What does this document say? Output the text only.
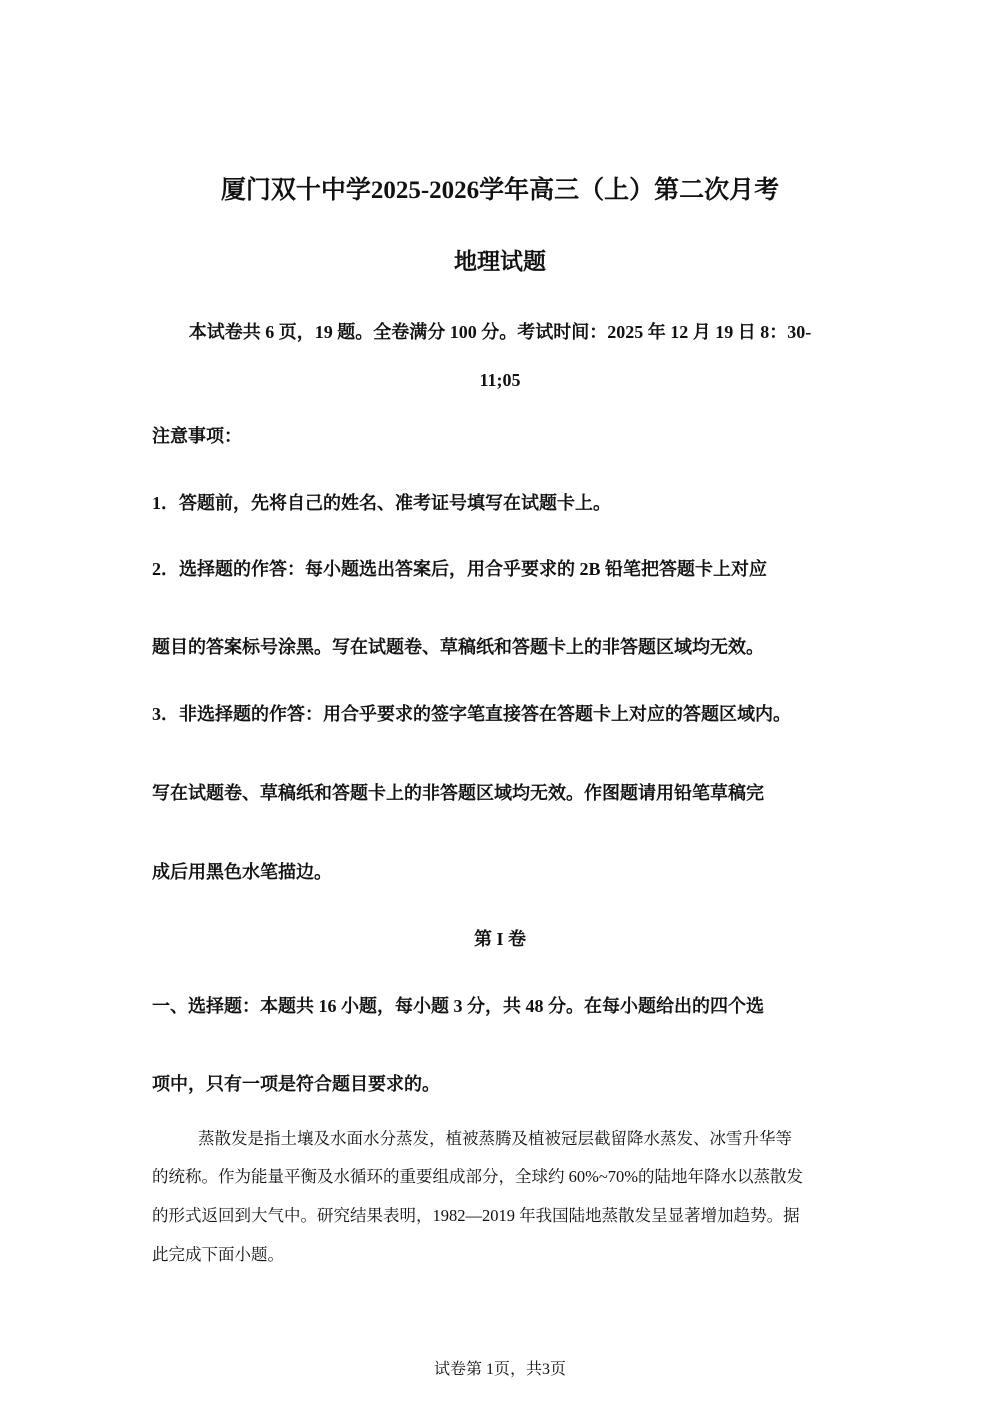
厦门双十中学2025-2026学年高三（上）第二次月考
地理试题
本试卷共 6 页，19 题。全卷满分 100 分。考试时间：2025 年 12 月 19 日 8：30-
11;05
注意事项：
1．答题前，先将自己的姓名、准考证号填写在试题卡上。
2．选择题的作答：每小题选出答案后，用合乎要求的 2B 铅笔把答题卡上对应
题目的答案标号涂黑。写在试题卷、草稿纸和答题卡上的非答题区域均无效。
3．非选择题的作答：用合乎要求的签字笔直接答在答题卡上对应的答题区域内。
写在试题卷、草稿纸和答题卡上的非答题区域均无效。作图题请用铅笔草稿完
成后用黑色水笔描边。
第 I 卷
一、选择题：本题共 16 小题，每小题 3 分，共 48 分。在每小题给出的四个选
项中，只有一项是符合题目要求的。
蒸散发是指土壤及水面水分蒸发，植被蒸腾及植被冠层截留降水蒸发、冰雪升华等
的统称。作为能量平衡及水循环的重要组成部分，全球约 60%~70%的陆地年降水以蒸散发
的形式返回到大气中。研究结果表明，1982—2019 年我国陆地蒸散发呈显著增加趋势。据
此完成下面小题。
试卷第 1页，共3页
